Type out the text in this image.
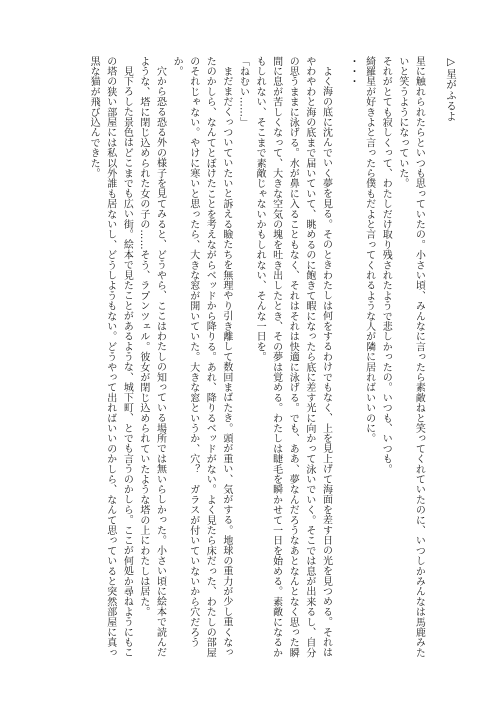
▷星がふるよ

星に触れられたらといつも思っていたの。小さい頃、みんなに言ったら素敵ねと笑ってくれていたのに、いつしかみんなは馬鹿みたいと笑うようになっていた。

それがとても寂しくって、わたしだけ取り残されたようで悲しかったの。いつも、いつも。

綺羅星が好きよと言ったら僕もだよと言ってくれるような人が隣に居ればいいのに。

・・・

よく海の底に沈んでいく夢を見る。そのときわたしは何をするわけでもなく、上を見上げて海面を差す日の光を見つめる。それはやわやわと海の底まで届いていて、眺めるのに飽きて暇になったら底に差す光に向かって泳いでいく。そこでは息が出来るし、自分の思うままに泳げる。水が鼻に入ることもなく、それはそれは快適に泳げる。でも、ああ、夢なんだろうなあとなんとなく思った瞬間に息が苦しくなって、大きな空気の塊を吐き出したとき、その夢は覚める。わたしは睫毛を瞬かせて一日を始める。素敵になるかもしれない、そこまで素敵じゃないかもしれない、そんな一日を。

「ねむい……」

まだまだくっついていたいと訴える瞼たちを無理やり引き離して数回まばたき。頭が重い、気がする。地球の重力が少し重くなったのかしら、なんてとぼけたことを考えながらベッドから降りる。あれ、降りるベッドがない。よく見たら床だった、わたしの部屋のそれじゃない。やけに寒いと思ったら、大きな窓が開いていた。大きな窓というか、穴？　ガラスが付いていないから穴だろうか。

穴から恐る恐る外の様子を見てみると、どうやら、ここはわたしの知っている場所では無いらしかった。小さい頃に絵本で読んだような、塔に閉じ込められた女の子の……そう、ラプンツェル。彼女が閉じ込められていたような塔の上にわたしは居た。

見下ろした景色はどこまでも広い街。絵本で見たことがあるような、城下町、とでも言うのかしら。ここが何処か尋ねようにもこの塔の狭い部屋には私以外誰も居ないし、どうしようもない。どうやって出ればいいのかしら、なんて思っていると突然部屋に真っ黒な猫が飛び込んできた。
